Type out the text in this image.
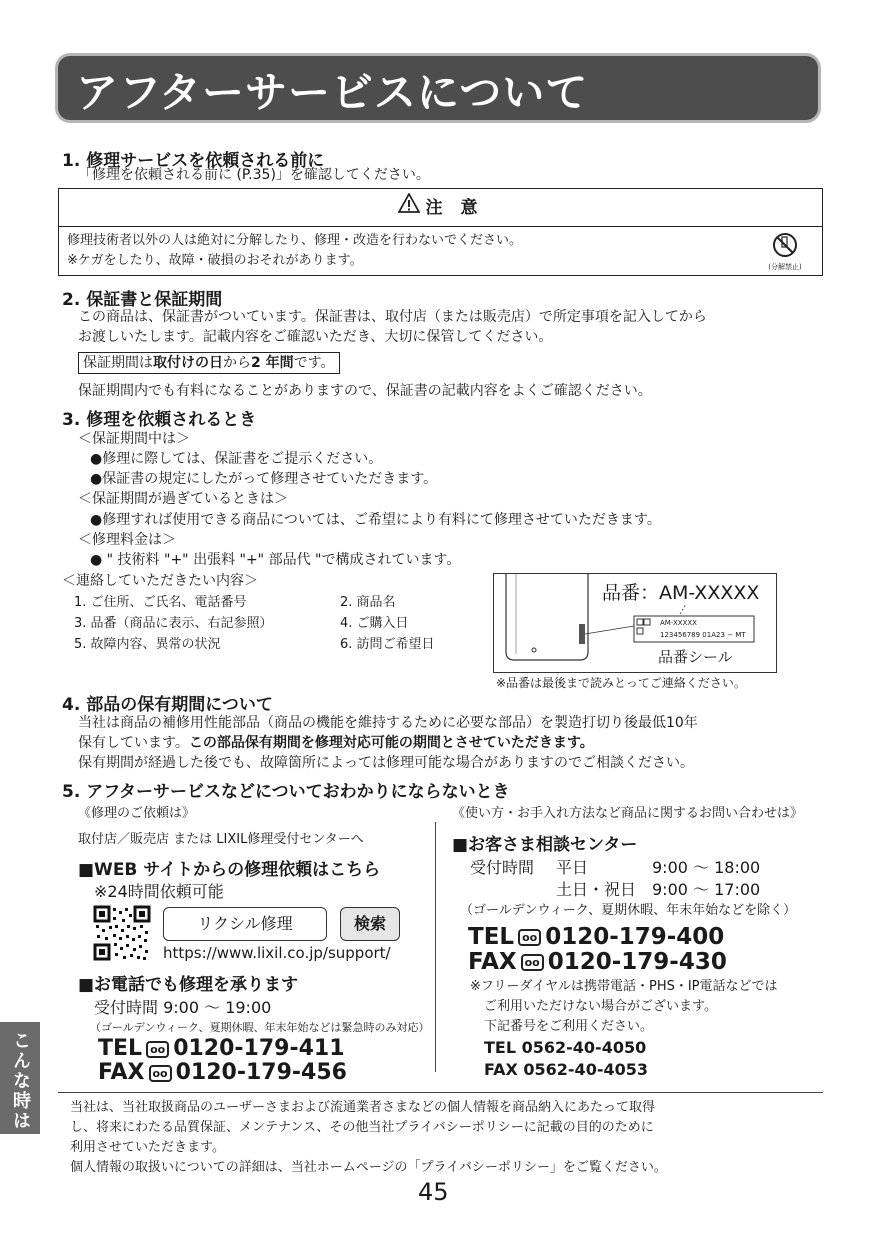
アフターサービスについて
1. 修理サービスを依頼される前に
「修理を依頼される前に (P.35)」を確認してください。
注 意
修理技術者以外の人は絶対に分解したり、修理・改造を行わないでください。
※ケガをしたり、故障・破損のおそれがあります。	(分解禁止)
2. 保証書と保証期間
この商品は、保証書がついています。保証書は、取付店（または販売店）で所定事項を記入してから
お渡しいたします。記載内容をご確認いただき、大切に保管してください。
保証期間は取付けの日から2 年間です。
保証期間内でも有料になることがありますので、保証書の記載内容をよくご確認ください。
3. 修理を依頼されるとき
＜保証期間中は＞
●修理に際しては、保証書をご提示ください。
●保証書の規定にしたがって修理させていただきます。
＜保証期間が過ぎているときは＞
●修理すれば使用できる商品については、ご希望により有料にて修理させていただきます。
＜修理料金は＞
● " 技術料 "+" 出張料 "+" 部品代 "で構成されています。
＜連絡していただきたい内容＞
1. ご住所、ご氏名、電話番号	2. 商品名
3. 品番（商品に表示、右記参照）	4. ご購入日
5. 故障内容、異常の状況	6. 訪問ご希望日
品番：AM-XXXXX
AM-XXXXX
123456789 01A23 − MT
品番シール
※品番は最後まで読みとってご連絡ください。
4. 部品の保有期間について
当社は商品の補修用性能部品（商品の機能を維持するために必要な部品）を製造打切り後最低10年
保有しています。この部品保有期間を修理対応可能の期間とさせていただきます。
保有期間が経過した後でも、故障箇所によっては修理可能な場合がありますのでご相談ください。
5. アフターサービスなどについておわかりにならないとき
《修理のご依頼は》
取付店／販売店 または LIXIL修理受付センターへ
■WEB サイトからの修理依頼はこちら
※24時間依頼可能
リクシル修理	検索
https://www.lixil.co.jp/support/
■お電話でも修理を承ります
受付時間 9:00 〜 19:00
（ゴールデンウィーク、夏期休暇、年末年始などは緊急時のみ対応）
TEL oo 0120-179-411
FAX oo 0120-179-456
《使い方・お手入れ方法など商品に関するお問い合わせは》
■お客さま相談センター
受付時間 平日	9:00 〜 18:00
土日・祝日 9:00 〜 17:00
（ゴールデンウィーク、夏期休暇、年末年始などを除く）
TEL oo 0120-179-400
FAX oo 0120-179-430
※フリーダイヤルは携帯電話・PHS・IP電話などでは
ご利用いただけない場合がございます。
下記番号をご利用ください。
TEL 0562-40-4050
FAX 0562-40-4053
当社は、当社取扱商品のユーザーさまおよび流通業者さまなどの個人情報を商品納入にあたって取得
し、将来にわたる品質保証、メンテナンス、その他当社プライバシーポリシーに記載の目的のために
利用させていただきます。
個人情報の取扱いについての詳細は、当社ホームページの「プライバシーポリシー」をご覧ください。
45
こんな時は
